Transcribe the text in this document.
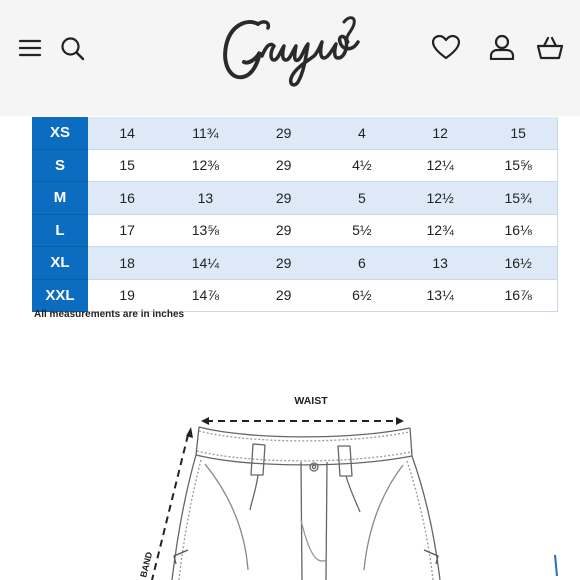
XS	14	11¾	29	4	12	15
S	15	12⅜	29	4½	12¼	15⅝
M	16	13	29	5	12½	15¾
L	17	13⅝	29	5½	12¾	16⅛
XL	18	14¼	29	6	13	16½
XXL	19	14⅞	29	6½	13¼	16⅞
All measurements are in inches
WAIST
BAND
